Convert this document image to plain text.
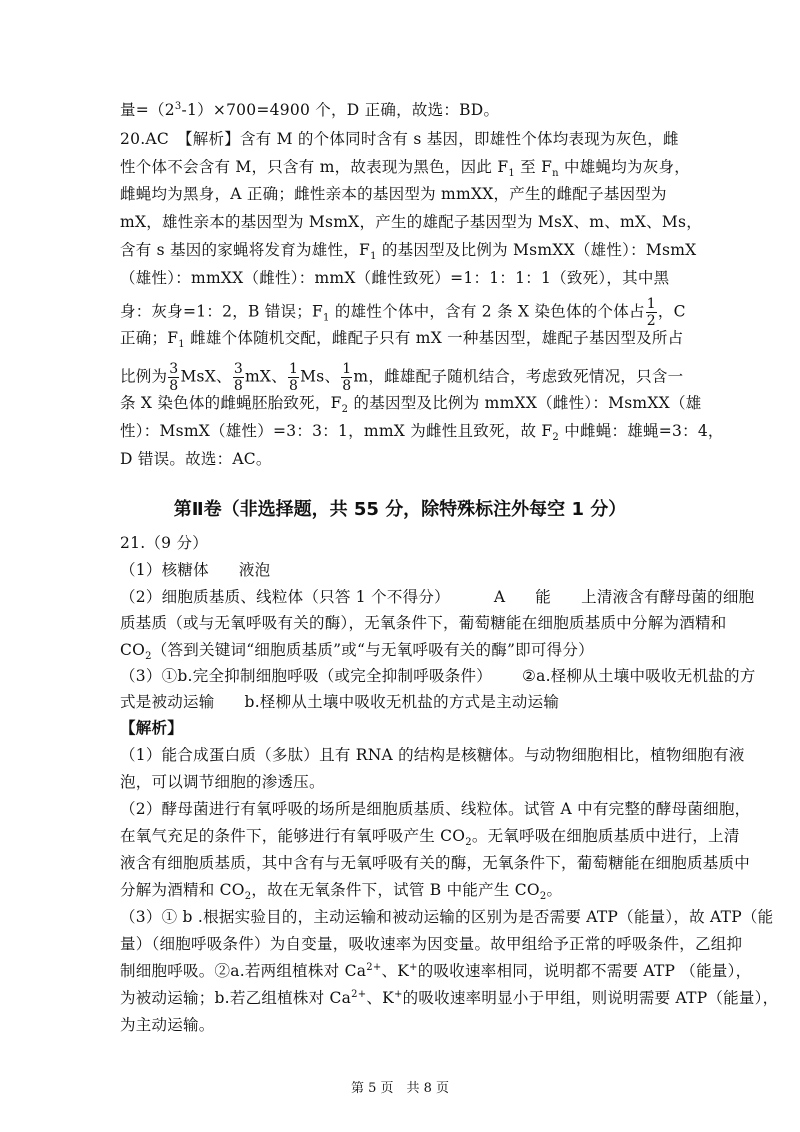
量$=(2^3-1)\times 700=4900$ 个，D 正确，故选：BD。
20.AC　【解析】含有 M 的个体同时含有 s 基因，即雄性个体均表现为灰色，雌
性个体不会含有 M，只含有 m，故表现为黑色，因此 $F_1$ 至 $F_n$ 中雄蝇均为灰身，
雌蝇均为黑身，A 正确；雌性亲本的基因型为 mmXX，产生的雌配子基因型为
mX，雄性亲本的基因型为 MsmX，产生的雄配子基因型为 MsX、m、mX、Ms，
含有 s 基因的家蝇将发育为雄性，$F_1$ 的基因型及比例为 MsmXX（雄性）：MsmX
（雄性）：mmXX（雌性）：mmX（雌性致死）=1：1：1：1（致死），其中黑
身：灰身=1：2，B 错误；$F_1$ 的雄性个体中，含有 2 条 X 染色体的个体占 $\frac{1}{2}$ ，C
正确；$F_1$ 雌雄个体随机交配，雌配子只有 mX 一种基因型，雄配子基因型及所占
比例为 $\frac{3}{8}$ MsX、 $\frac{3}{8}$ mX、 $\frac{1}{8}$ Ms、 $\frac{1}{8}$ m，雌雄配子随机结合，考虑致死情况，只含一
条 X 染色体的雌蝇胚胎致死，$F_2$ 的基因型及比例为 mmXX（雌性）：MsmXX（雄
性）：MsmX（雄性）=3：3：1，mmX 为雌性且致死，故 $F_2$ 中雌蝇：雄蝇=3：4，
D 错误。故选：AC。
第Ⅱ卷（非选择题，共 55 分，除特殊标注外每空 1 分）
21.（9 分）
（1）核糖体 液泡
（2）细胞质基质、线粒体（只答 1 个不得分）	A 能 上清液含有酵母菌的细胞
质基质（或与无氧呼吸有关的酶），无氧条件下，葡萄糖能在细胞质基质中分解为酒精和
$CO_2$（答到关键词“细胞质基质”或“与无氧呼吸有关的酶”即可得分）
（3）①b.完全抑制细胞呼吸（或完全抑制呼吸条件） ②a.柽柳从土壤中吸收无机盐的方
式是被动运输 b.柽柳从土壤中吸收无机盐的方式是主动运输
【解析】
（1）能合成蛋白质（多肽）且有 RNA 的结构是核糖体。与动物细胞相比，植物细胞有液
泡，可以调节细胞的渗透压。
（2）酵母菌进行有氧呼吸的场所是细胞质基质、线粒体。试管 A 中有完整的酵母菌细胞，
在氧气充足的条件下，能够进行有氧呼吸产生 $CO_2$。无氧呼吸在细胞质基质中进行，上清
液含有细胞质基质，其中含有与无氧呼吸有关的酶，无氧条件下，葡萄糖能在细胞质基质中
分解为酒精和 $CO_2$，故在无氧条件下，试管 B 中能产生 $CO_2$。
（3）① b .根据实验目的，主动运输和被动运输的区别为是否需要 ATP（能量），故 ATP（能
量）（细胞呼吸条件）为自变量，吸收速率为因变量。故甲组给予正常的呼吸条件，乙组抑
制细胞呼吸。②a.若两组植株对 $Ca^{2+}$、K+的吸收速率相同，说明都不需要 ATP （能量），
为被动运输；b.若乙组植株对 $Ca^{2+}$、K+的吸收速率明显小于甲组，则说明需要 ATP（能量），
为主动运输。
第 5 页　共 8 页
